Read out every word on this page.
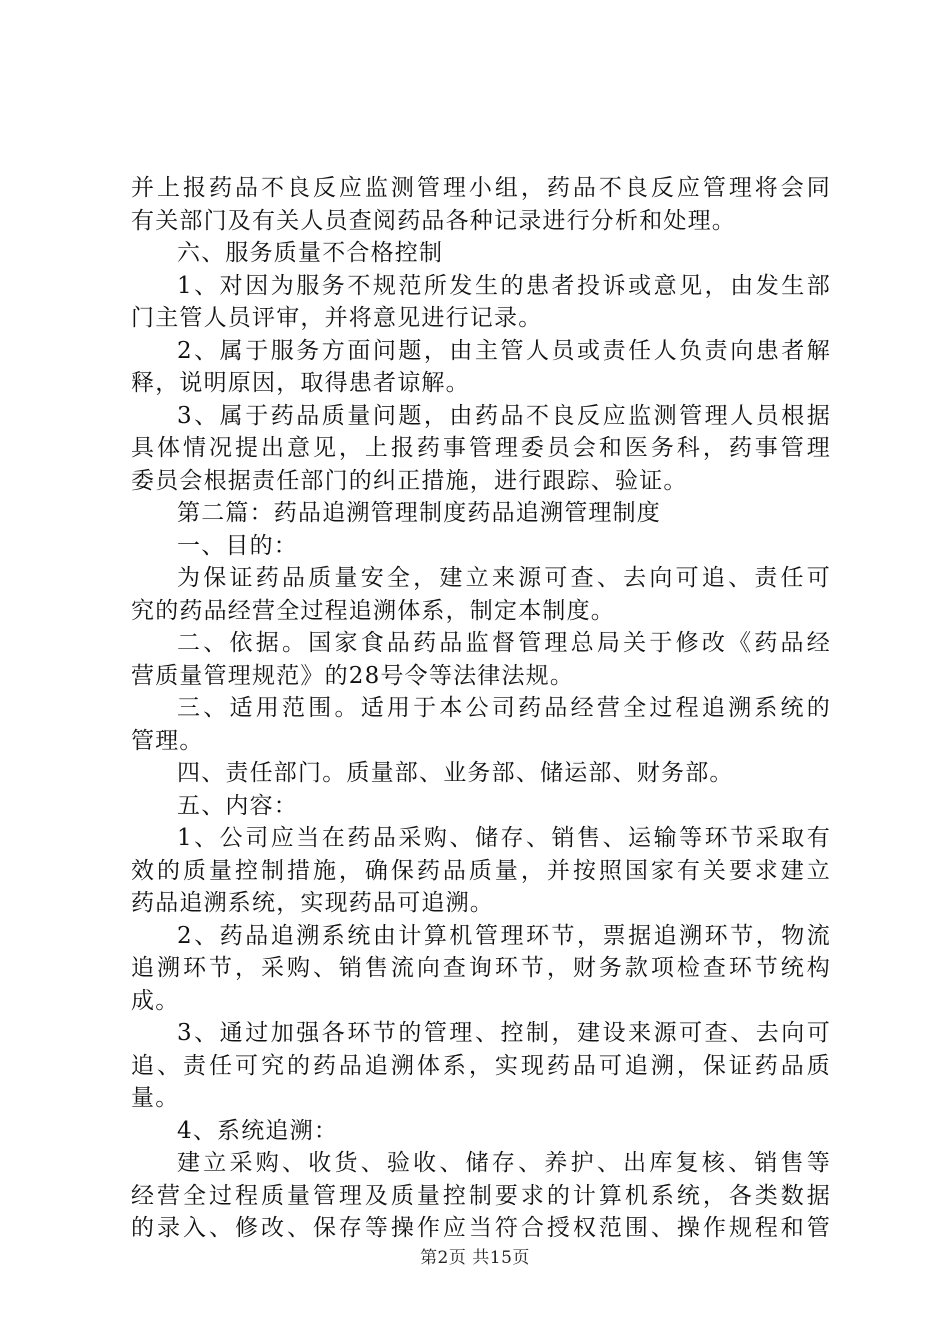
并上报药品不良反应监测管理小组，药品不良反应管理将会同
有关部门及有关人员查阅药品各种记录进行分析和处理。
六、服务质量不合格控制
1、对因为服务不规范所发生的患者投诉或意见，由发生部
门主管人员评审，并将意见进行记录。
2、属于服务方面问题，由主管人员或责任人负责向患者解
释，说明原因，取得患者谅解。
3、属于药品质量问题，由药品不良反应监测管理人员根据
具体情况提出意见，上报药事管理委员会和医务科，药事管理
委员会根据责任部门的纠正措施，进行跟踪、验证。
第二篇：药品追溯管理制度药品追溯管理制度
一、目的：
为保证药品质量安全，建立来源可查、去向可追、责任可
究的药品经营全过程追溯体系，制定本制度。
二、依据。国家食品药品监督管理总局关于修改《药品经
营质量管理规范》的28号令等法律法规。
三、适用范围。适用于本公司药品经营全过程追溯系统的
管理。
四、责任部门。质量部、业务部、储运部、财务部。
五、内容：
1、公司应当在药品采购、储存、销售、运输等环节采取有
效的质量控制措施，确保药品质量，并按照国家有关要求建立
药品追溯系统，实现药品可追溯。
2、药品追溯系统由计算机管理环节，票据追溯环节，物流
追溯环节，采购、销售流向查询环节，财务款项检查环节统构
成。
3、通过加强各环节的管理、控制，建设来源可查、去向可
追、责任可究的药品追溯体系，实现药品可追溯，保证药品质
量。
4、系统追溯：
建立采购、收货、验收、储存、养护、出库复核、销售等
经营全过程质量管理及质量控制要求的计算机系统，各类数据
的录入、修改、保存等操作应当符合授权范围、操作规程和管
第2页 共15页
